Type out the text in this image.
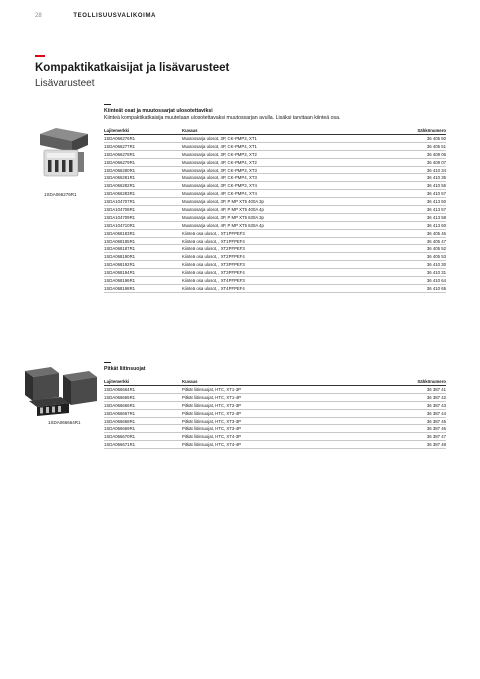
28	TEOLLISUUSVALIKOIMA
Kompaktikatkaisijat ja lisävarusteet
Lisävarusteet
1SDA066276R1
Kiinteät osat ja muutossarjat ulosotettaviksi
Kiinteä kompaktikatkaisija muutetaan ulosotettavaksi muutossarjan avulla. Lisäksi tarvitaan kiinteä osa.
Lajitemerkki	Kuvaus	Sähkönumero
1SDA066276R1	Muutossarja ulosot, 3P, CK-PMP3, XT1	36 405 50
1SDA066277R1	Muutossarja ulosot, 4P, CK-PMP4, XT1	36 405 51
1SDA066278R1	Muutossarja ulosot, 3P, CK-PMP3, XT2	36 408 06
1SDA066279R1	Muutossarja ulosot, 4P, CK-PMP4, XT2	36 408 07
1SDA066280R1	Muutossarja ulosot, 3P, CK-PMP3, XT3	36 410 34
1SDA066281R1	Muutossarja ulosot, 4P, CK-PMP4, XT3	36 410 35
1SDA066282R1	Muutossarja ulosot, 3P, CK-PMP3, XT4	36 410 55
1SDA066283R1	Muutossarja ulosot, 4P, CK-PMP4, XT4	36 410 57
1SDA104707R1	Muutossarja ulosot, 3P, P MP XT5 400A 3p	36 413 50
1SDA104708R1	Muutossarja ulosot, 4P, P MP XT5 400A 4p	36 413 57
1SDA104709R1	Muutossarja ulosot, 3P, P MP XT5 630A 3p	36 413 58
1SDA104710R1	Muutossarja ulosot, 4P, P MP XT5 630A 4p	36 413 60
1SDA068183R1	Kiinteä osa ulosot, , XT1PFPEF3	36 405 46
1SDA068185R1	Kiinteä osa ulosot, , XT1PFPEF4	36 405 47
1SDA068187R1	Kiinteä osa ulosot, , XT2PFPEF3	36 405 52
1SDA068190R1	Kiinteä osa ulosot, , XT2PFPEF4	36 405 53
1SDA068192R1	Kiinteä osa ulosot, , XT3PFPEF3	36 410 30
1SDA068194R1	Kiinteä osa ulosot, , XT3PFPEF4	36 410 31
1SDA068196R1	Kiinteä osa ulosot, , XT4PFPEF3	36 410 64
1SDA068198R1	Kiinteä osa ulosot, , XT4PFPEF4	36 410 65
1SDA066664R1
Pitkät liitinsuojat
Lajitemerkki	Kuvaus	Sähkönumero
1SDA066664R1	Pitkät liitinsuojat, HTC, XT1-3P	36 387 41
1SDA066665R1	Pitkät liitinsuojat, HTC, XT1-4P	36 387 42
1SDA066666R1	Pitkät liitinsuojat, HTC, XT2-3P	36 387 43
1SDA066667R1	Pitkät liitinsuojat, HTC, XT2-4P	36 387 44
1SDA066668R1	Pitkät liitinsuojat, HTC, XT3-3P	36 387 45
1SDA066669R1	Pitkät liitinsuojat, HTC, XT3-4P	36 387 46
1SDA066670R1	Pitkät liitinsuojat, HTC, XT4-3P	36 387 47
1SDA066671R1	Pitkät liitinsuojat, HTC, XT4-4P	36 387 48
